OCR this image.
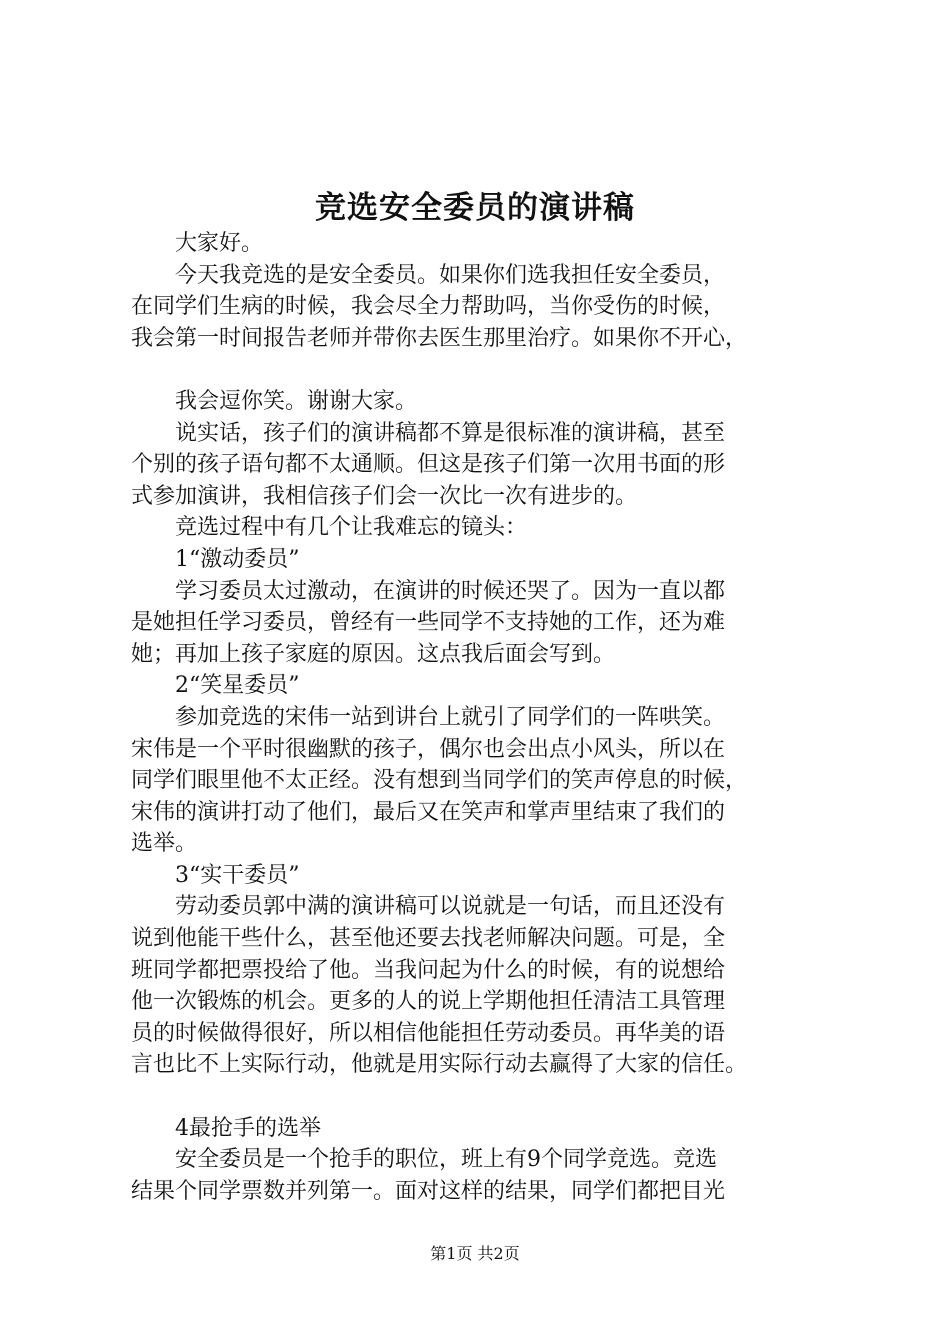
竞选安全委员的演讲稿

大家好。

今天我竞选的是安全委员。如果你们选我担任安全委员，

在同学们生病的时候，我会尽全力帮助吗，当你受伤的时候，

我会第一时间报告老师并带你去医生那里治疗。如果你不开心，

我会逗你笑。谢谢大家。

说实话，孩子们的演讲稿都不算是很标准的演讲稿，甚至

个别的孩子语句都不太通顺。但这是孩子们第一次用书面的形

式参加演讲，我相信孩子们会一次比一次有进步的。

竞选过程中有几个让我难忘的镜头：

1“激动委员”

学习委员太过激动，在演讲的时候还哭了。因为一直以都

是她担任学习委员，曾经有一些同学不支持她的工作，还为难

她；再加上孩子家庭的原因。这点我后面会写到。

2“笑星委员”

参加竞选的宋伟一站到讲台上就引了同学们的一阵哄笑。

宋伟是一个平时很幽默的孩子，偶尔也会出点小风头，所以在

同学们眼里他不太正经。没有想到当同学们的笑声停息的时候，

宋伟的演讲打动了他们，最后又在笑声和掌声里结束了我们的

选举。

3“实干委员”

劳动委员郭中满的演讲稿可以说就是一句话，而且还没有

说到他能干些什么，甚至他还要去找老师解决问题。可是，全

班同学都把票投给了他。当我问起为什么的时候，有的说想给

他一次锻炼的机会。更多的人的说上学期他担任清洁工具管理

员的时候做得很好，所以相信他能担任劳动委员。再华美的语

言也比不上实际行动，他就是用实际行动去赢得了大家的信任。

4最抢手的选举

安全委员是一个抢手的职位，班上有9个同学竞选。竞选

结果个同学票数并列第一。面对这样的结果，同学们都把目光

第1页 共2页
